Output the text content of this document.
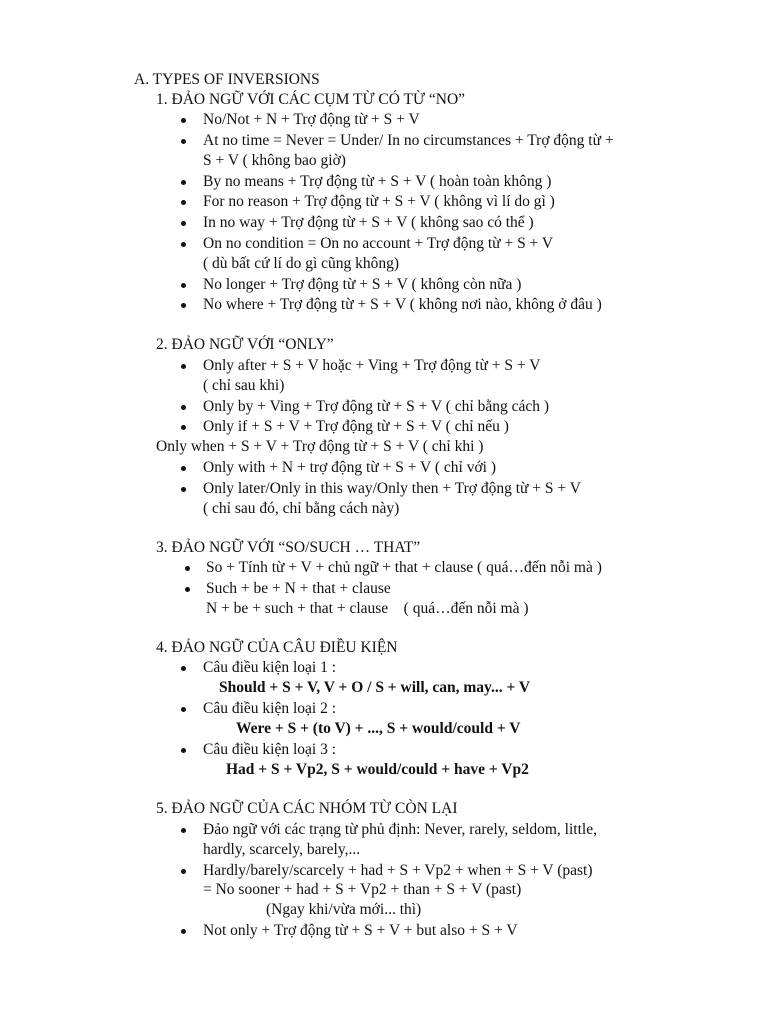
A. TYPES OF INVERSIONS
1. ĐẢO NGỮ VỚI CÁC CỤM TỪ CÓ TỪ “NO”
No/Not + N + Trợ động từ + S + V
At no time = Never = Under/ In no circumstances + Trợ động từ +
S + V ( không bao giờ)
By no means + Trợ động từ + S + V ( hoàn toàn không )
For no reason + Trợ động từ + S + V ( không vì lí do gì )
In no way + Trợ động từ + S + V ( không sao có thể )
On no condition = On no account + Trợ động từ + S + V
( dù bất cứ lí do gì cũng không)
No longer + Trợ động từ + S + V ( không còn nữa )
No where + Trợ động từ + S + V ( không nơi nào, không ở đâu )
2. ĐẢO NGỮ VỚI “ONLY”
Only after + S + V hoặc + Ving + Trợ động từ + S + V
( chỉ sau khi)
Only by + Ving + Trợ động từ + S + V ( chỉ bằng cách )
Only if + S + V + Trợ động từ + S + V ( chỉ nếu )
Only when + S + V + Trợ động từ + S + V ( chỉ khi )
Only with + N + trợ động từ + S + V ( chỉ với )
Only later/Only in this way/Only then + Trợ động từ + S + V
( chỉ sau đó, chỉ bằng cách này)
3. ĐẢO NGỮ VỚI “SO/SUCH … THAT”
So + Tính từ + V + chủ ngữ + that + clause ( quá…đến nỗi mà )
Such + be + N + that + clause
N + be + such + that + clause    ( quá…đến nỗi mà )
4. ĐẢO NGỮ CỦA CÂU ĐIỀU KIỆN
Câu điều kiện loại 1 :
Should + S + V, V + O / S + will, can, may... + V
Câu điều kiện loại 2 :
Were + S + (to V) + ..., S + would/could + V
Câu điều kiện loại 3 :
Had + S + Vp2, S + would/could + have + Vp2
5. ĐẢO NGỮ CỦA CÁC NHÓM TỪ CÒN LẠI
Đảo ngữ với các trạng từ phủ định: Never, rarely, seldom, little,
hardly, scarcely, barely,...
Hardly/barely/scarcely + had + S + Vp2 + when + S + V (past)
= No sooner + had + S + Vp2 + than + S + V (past)
(Ngay khi/vừa mới... thì)
Not only + Trợ động từ + S + V + but also + S + V
